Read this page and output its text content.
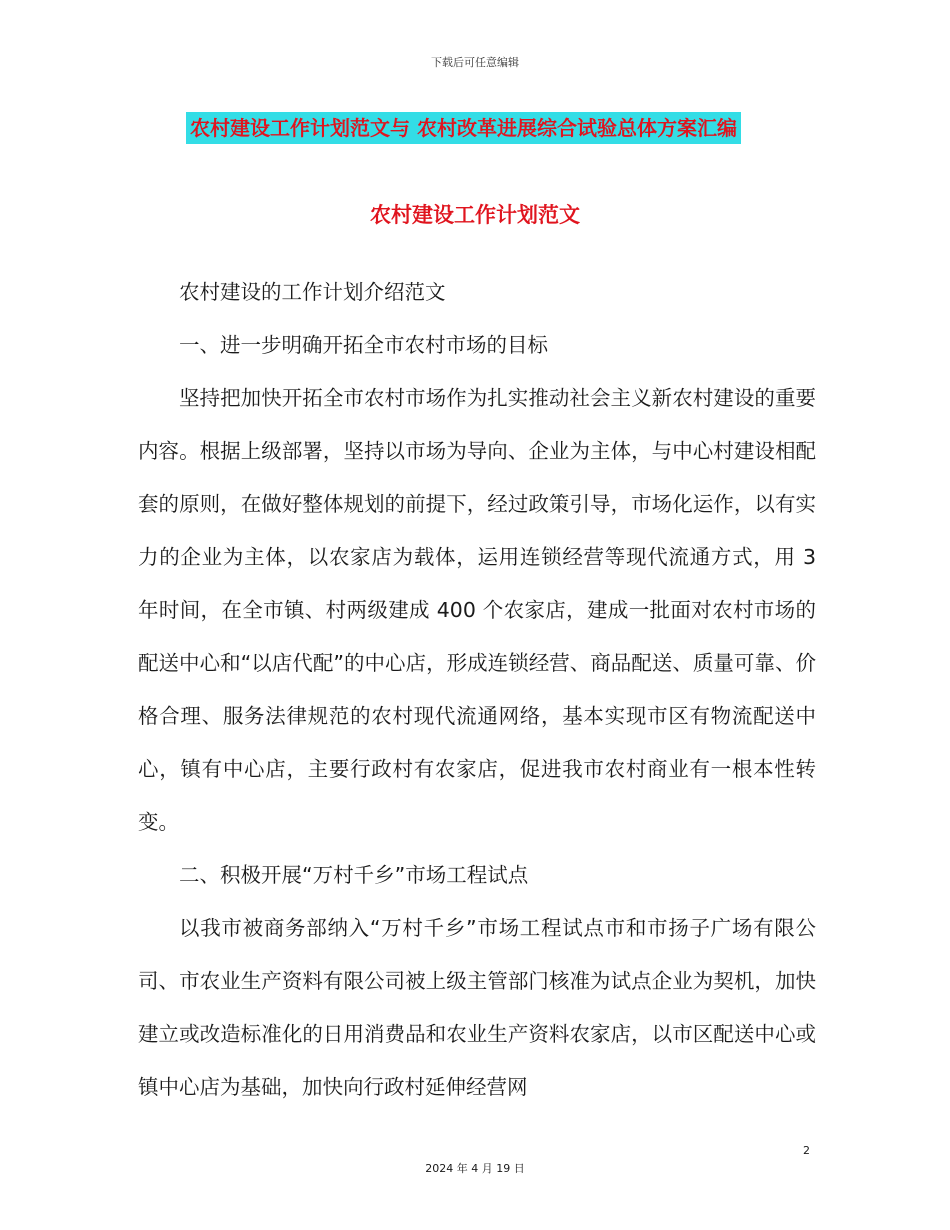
下载后可任意编辑
农村建设工作计划范文与 农村改革进展综合试验总体方案汇编
农村建设工作计划范文

农村建设的工作计划介绍范文

一、进一步明确开拓全市农村市场的目标

坚持把加快开拓全市农村市场作为扎实推动社会主义新农村建设的重要内容。根据上级部署，坚持以市场为导向、企业为主体，与中心村建设相配套的原则，在做好整体规划的前提下，经过政策引导，市场化运作，以有实力的企业为主体，以农家店为载体，运用连锁经营等现代流通方式，用 3 年时间，在全市镇、村两级建成 400 个农家店，建成一批面对农村市场的配送中心和“以店代配”的中心店，形成连锁经营、商品配送、质量可靠、价格合理、服务法律规范的农村现代流通网络，基本实现市区有物流配送中心，镇有中心店，主要行政村有农家店，促进我市农村商业有一根本性转变。

二、积极开展“万村千乡”市场工程试点

以我市被商务部纳入“万村千乡”市场工程试点市和市扬子广场有限公司、市农业生产资料有限公司被上级主管部门核准为试点企业为契机，加快建立或改造标准化的日用消费品和农业生产资料农家店，以市区配送中心或镇中心店为基础，加快向行政村延伸经营网

2
2024 年 4 月 19 日
